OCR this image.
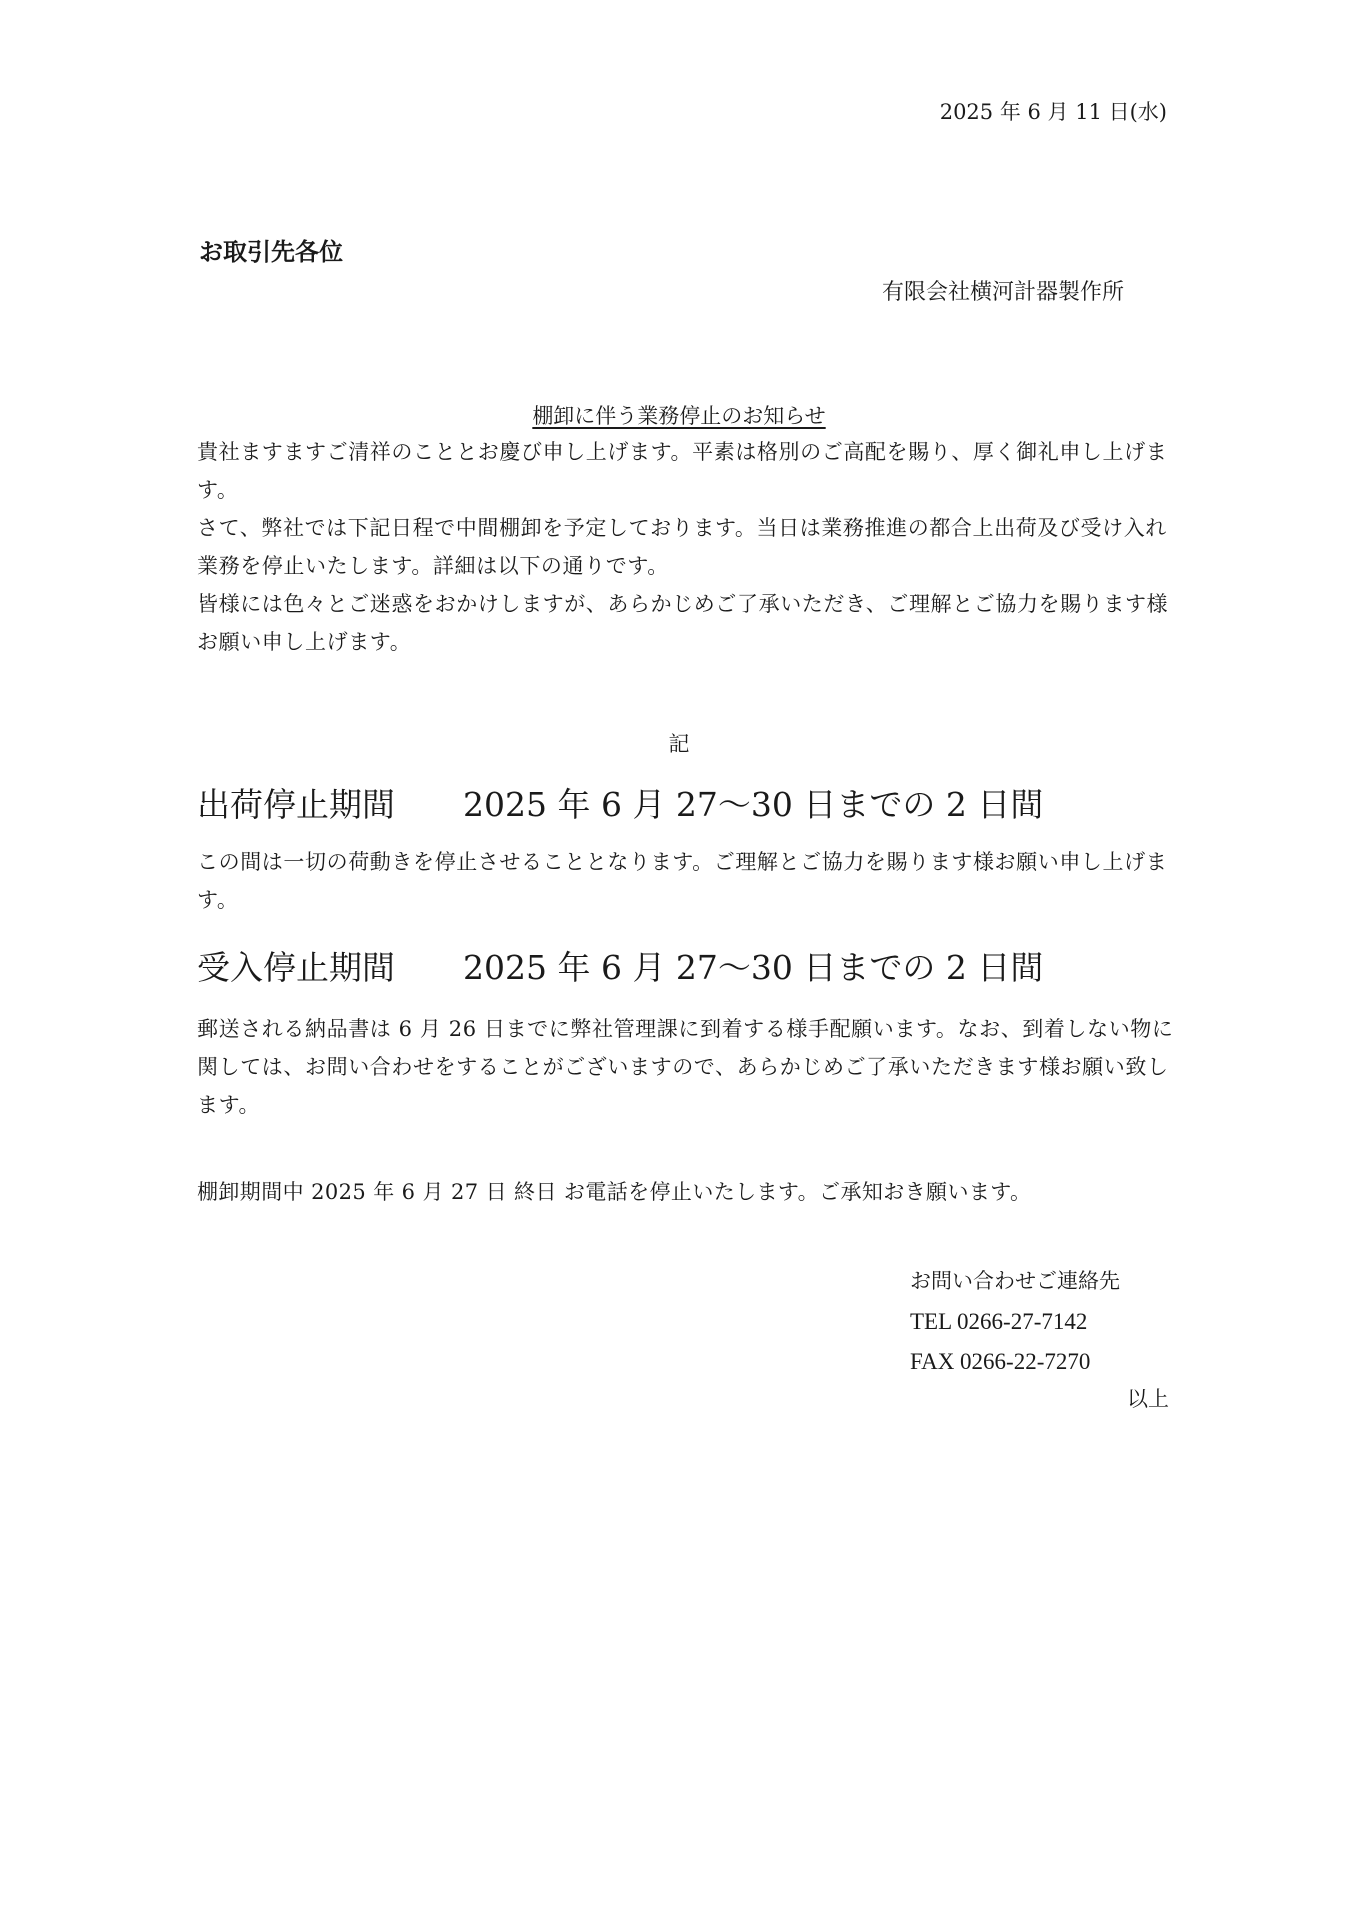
2025 年 6 月 11 日(水)

お取引先各位

有限会社横河計器製作所

棚卸に伴う業務停止のお知らせ

貴社ますますご清祥のこととお慶び申し上げます。平素は格別のご高配を賜り、厚く御礼申し上げます。
さて、弊社では下記日程で中間棚卸を予定しております。当日は業務推進の都合上出荷及び受け入れ業務を停止いたします。詳細は以下の通りです。
皆様には色々とご迷惑をおかけしますが、あらかじめご了承いただき、ご理解とご協力を賜ります様お願い申し上げます。

記

出荷停止期間 2025 年 6 月 27〜30 日までの 2 日間
この間は一切の荷動きを停止させることとなります。ご理解とご協力を賜ります様お願い申し上げます。
受入停止期間 2025 年 6 月 27〜30 日までの 2 日間
郵送される納品書は 6 月 26 日までに弊社管理課に到着する様手配願います。なお、到着しない物に関しては、お問い合わせをすることがございますので、あらかじめご了承いただきます様お願い致します。

棚卸期間中 2025 年 6 月 27 日 終日 お電話を停止いたします。ご承知おき願います。

お問い合わせご連絡先

TEL 0266-27-7142

FAX 0266-22-7270

以上
